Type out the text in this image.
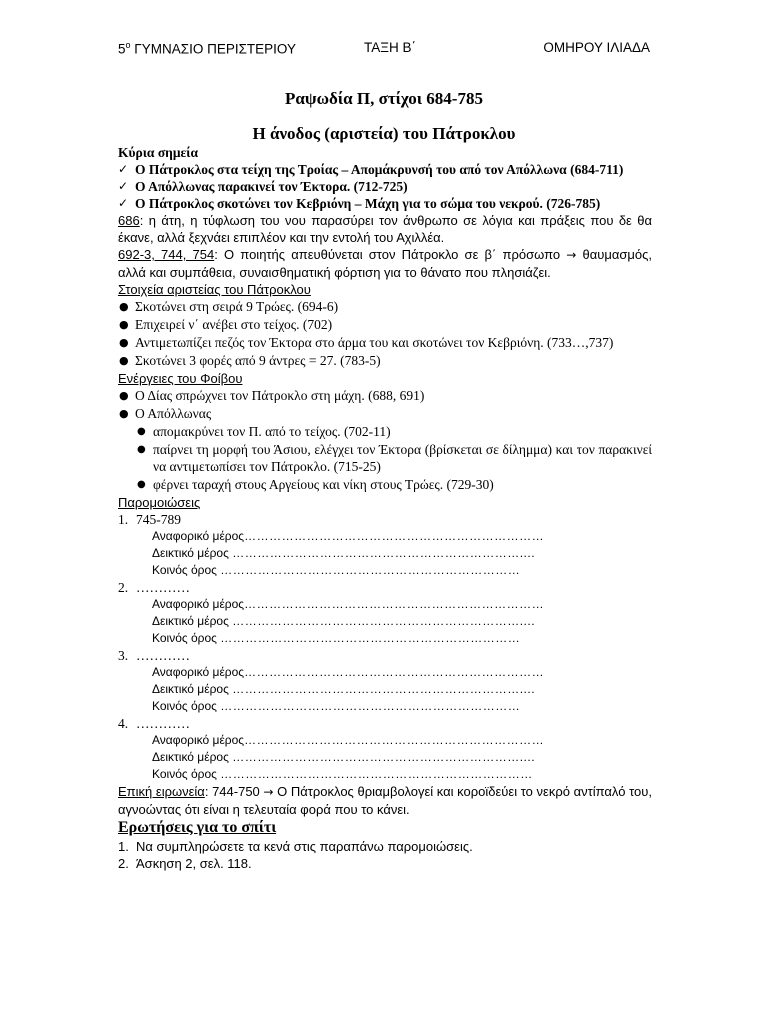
$5^o$ ΓΥΜΝΑΣΙΟ ΠΕΡΙΣΤΕΡΙΟΥ	ΤΑΞΗ Β΄	ΟΜΗΡΟΥ ΙΛΙΑΔΑ
Ραψωδία Π, στίχοι 684-785
Η άνοδος (αριστεία) του Πάτροκλου

Κύρια σημεία

✓ Ο Πάτροκλος στα τείχη της Τροίας – Απομάκρυνσή του από τον Απόλλωνα (684-711)
✓ Ο Απόλλωνας παρακινεί τον Έκτορα. (712-725)
✓ Ο Πάτροκλος σκοτώνει τον Κεβριόνη – Μάχη για το σώμα του νεκρού. (726-785)

686: η άτη, η τύφλωση του νου παρασύρει τον άνθρωπο σε λόγια και πράξεις που δε θα έκανε, αλλά ξεχνάει επιπλέον και την εντολή του Αχιλλέα.

692-3, 744, 754: Ο ποιητής απευθύνεται στον Πάτροκλο σε β΄ πρόσωπο → θαυμασμός, αλλά και συμπάθεια, συναισθηματική φόρτιση για το θάνατο που πλησιάζει.

Στοιχεία αριστείας του Πάτροκλου

● Σκοτώνει στη σειρά 9 Τρώες. (694-6)
● Επιχειρεί ν΄ ανέβει στο τείχος. (702)
● Αντιμετωπίζει πεζός τον Έκτορα στο άρμα του και σκοτώνει τον Κεβριόνη. (733…,737)
● Σκοτώνει 3 φορές από 9 άντρες = 27. (783-5)

Ενέργειες του Φοίβου

● Ο Δίας σπρώχνει τον Πάτροκλο στη μάχη. (688, 691)
● Ο Απόλλωνας
● απομακρύνει τον Π. από το τείχος. (702-11)
● παίρνει τη μορφή του Άσιου, ελέγχει τον Έκτορα (βρίσκεται σε δίλημμα) και τον παρακινεί να αντιμετωπίσει τον Πάτροκλο. (715-25)
● φέρνει ταραχή στους Αργείους και νίκη στους Τρώες. (729-30)

Παρομοιώσεις

1. 745-789

Αναφορικό μέρος………………………………………………………………

Δεικτικό μέρος ……………………………………………………………....

Κοινός όρος ………………………………………………………………

2. …………

Αναφορικό μέρος………………………………………………………………

Δεικτικό μέρος ……………………………………………………………....

Κοινός όρος ………………………………………………………………

3. …………

Αναφορικό μέρος………………………………………………………………

Δεικτικό μέρος ……………………………………………………………....

Κοινός όρος ………………………………………………………………

4. …………

Αναφορικό μέρος………………………………………………………………

Δεικτικό μέρος ……………………………………………………………....

Κοινός όρος …………………………………………………………………

Επική ειρωνεία: 744-750 → Ο Πάτροκλος θριαμβολογεί και κοροϊδεύει το νεκρό αντίπαλό του, αγνοώντας ότι είναι η τελευταία φορά που το κάνει.

Ερωτήσεις για το σπίτι

1. Να συμπληρώσετε τα κενά στις παραπάνω παρομοιώσεις.

2. Άσκηση 2, σελ. 118.
